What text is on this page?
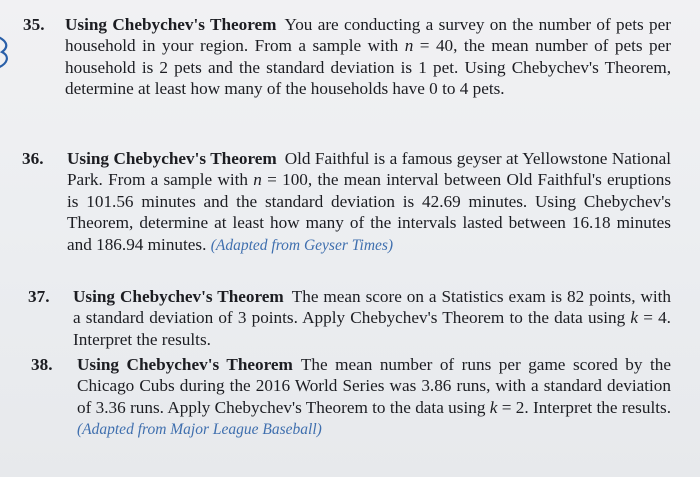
35. Using Chebychev's Theorem You are conducting a survey on the number of pets per household in your region. From a sample with n = 40, the mean number of pets per household is 2 pets and the standard deviation is 1 pet. Using Chebychev's Theorem, determine at least how many of the households have 0 to 4 pets.
36. Using Chebychev's Theorem Old Faithful is a famous geyser at Yellowstone National Park. From a sample with n = 100, the mean interval between Old Faithful's eruptions is 101.56 minutes and the standard deviation is 42.69 minutes. Using Chebychev's Theorem, determine at least how many of the intervals lasted between 16.18 minutes and 186.94 minutes. (Adapted from Geyser Times)
37. Using Chebychev's Theorem The mean score on a Statistics exam is 82 points, with a standard deviation of 3 points. Apply Chebychev's Theorem to the data using k = 4. Interpret the results.
38. Using Chebychev's Theorem The mean number of runs per game scored by the Chicago Cubs during the 2016 World Series was 3.86 runs, with a standard deviation of 3.36 runs. Apply Chebychev's Theorem to the data using k = 2. Interpret the results. (Adapted from Major League Baseball)
